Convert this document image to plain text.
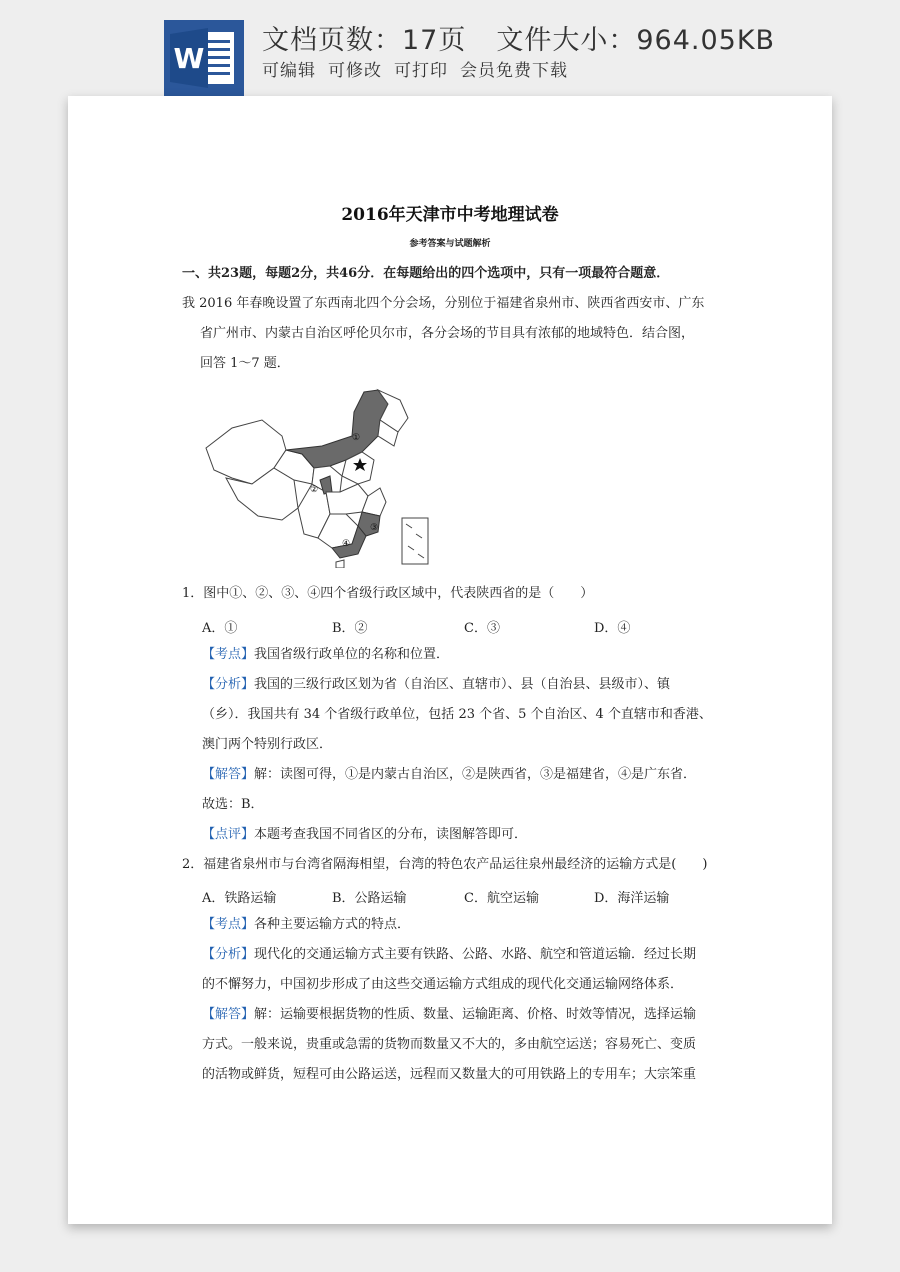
W
文档页数：17页 文件大小：964.05KB
可编辑 可修改 可打印 会员免费下载
2016年天津市中考地理试卷
参考答案与试题解析
一、共23题，每题2分，共46分．在每题给出的四个选项中，只有一项最符合题意．
我 2016 年春晚设置了东西南北四个分会场，分别位于福建省泉州市、陕西省西安市、广东
省广州市、内蒙古自治区呼伦贝尔市，各分会场的节目具有浓郁的地域特色．结合图，
回答 1～7 题．
①
②
③
④
1．图中①、②、③、④四个省级行政区域中，代表陕西省的是（　　）
A．①	B．②	C．③	D．④
【考点】我国省级行政单位的名称和位置．
【分析】我国的三级行政区划为省（自治区、直辖市）、县（自治县、县级市）、镇
（乡）．我国共有 34 个省级行政单位，包括 23 个省、5 个自治区、4 个直辖市和香港、
澳门两个特别行政区．
【解答】解：读图可得，①是内蒙古自治区，②是陕西省，③是福建省，④是广东省．
故选：B．
【点评】本题考查我国不同省区的分布，读图解答即可．
2．福建省泉州市与台湾省隔海相望，台湾的特色农产品运往泉州最经济的运输方式是(　　)
A．铁路运输	B．公路运输	C．航空运输	D．海洋运输
【考点】各种主要运输方式的特点．
【分析】现代化的交通运输方式主要有铁路、公路、水路、航空和管道运输．经过长期
的不懈努力，中国初步形成了由这些交通运输方式组成的现代化交通运输网络体系．
【解答】解：运输要根据货物的性质、数量、运输距离、价格、时效等情况，选择运输
方式。一般来说，贵重或急需的货物而数量又不大的，多由航空运送；容易死亡、变质
的活物或鲜货，短程可由公路运送，远程而又数量大的可用铁路上的专用车；大宗笨重
